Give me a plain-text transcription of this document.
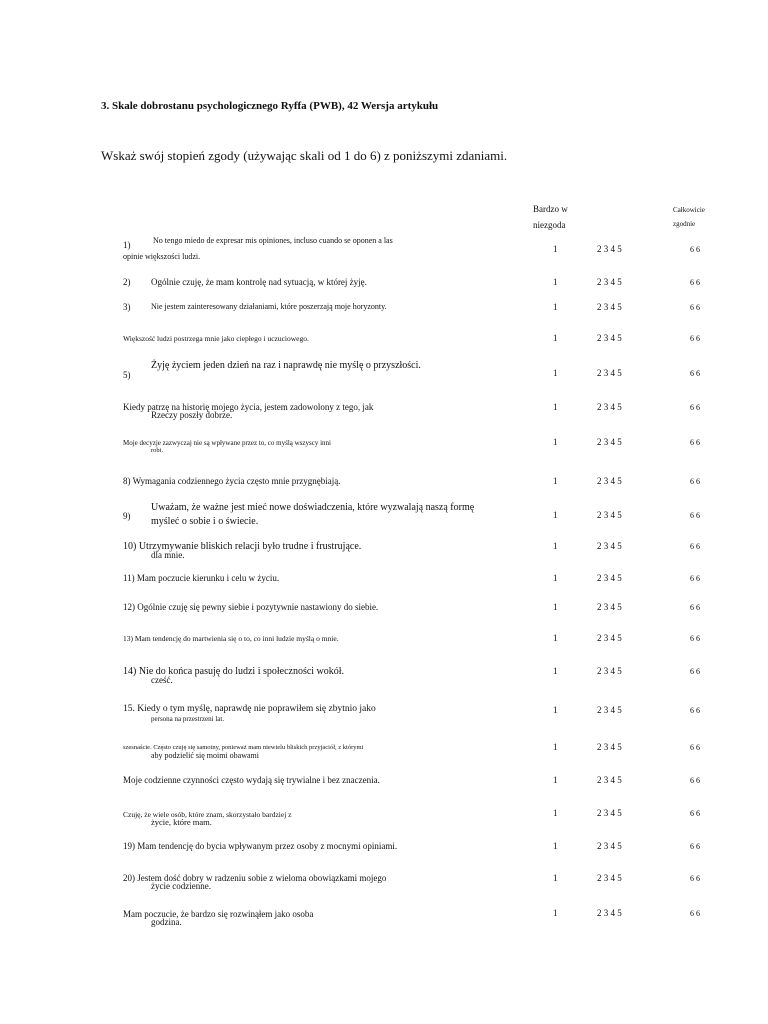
3. Skale dobrostanu psychologicznego Ryffa (PWB), 42 Wersja artykułu
Wskaż swój stopień zgody (używając skali od 1 do 6) z poniższymi zdaniami.
Bardzo w
niezgoda
Całkowicie
zgodnie
1)	No tengo miedo de expresar mis opiniones, incluso cuando se oponen a las
opinie większości ludzi.
1	2 3 4 5	6 6
2) Ogólnie czuję, że mam kontrolę nad sytuacją, w której żyję.	1	2 3 4 5	6 6
3)	Nie jestem zainteresowany działaniami, które poszerzają moje horyzonty.	1	2 3 4 5	6 6
Większość ludzi postrzega mnie jako ciepłego i uczuciowego.	1	2 3 4 5	6 6
5)
Żyję życiem jeden dzień na raz i naprawdę nie myślę o przyszłości.
1	2 3 4 5	6 6
Kiedy patrzę na historię mojego życia, jestem zadowolony z tego, jak
Rzeczy poszły dobrze.
1	2 3 4 5	6 6
Moje decyzje zazwyczaj nie są wpływane przez to, co myślą wszyscy inni
robi.
1	2 3 4 5	6 6
8) Wymagania codziennego życia często mnie przygnębiają.	1	2 3 4 5	6 6
9)
Uważam, że ważne jest mieć nowe doświadczenia, które wyzwalają naszą formę
myśleć o sobie i o świecie.
1	2 3 4 5	6 6
10) Utrzymywanie bliskich relacji było trudne i frustrujące.
dla mnie.
1	2 3 4 5	6 6
11) Mam poczucie kierunku i celu w życiu.	1	2 3 4 5	6 6
12) Ogólnie czuję się pewny siebie i pozytywnie nastawiony do siebie.	1	2 3 4 5	6 6
13) Mam tendencję do martwienia się o to, co inni ludzie myślą o mnie.	1	2 3 4 5	6 6
14) Nie do końca pasuję do ludzi i społeczności wokół.
cześć.
1	2 3 4 5	6 6
15. Kiedy o tym myślę, naprawdę nie poprawiłem się zbytnio jako
persona na przestrzeni lat.
1	2 3 4 5	6 6
szesnaście. Często czuję się samotny, ponieważ mam niewielu bliskich przyjaciół, z którymi
aby podzielić się moimi obawami
1	2 3 4 5	6 6
Moje codzienne czynności często wydają się trywialne i bez znaczenia.	1	2 3 4 5	6 6
Czuję, że wiele osób, które znam, skorzystało bardziej z
życie, które mam.
1	2 3 4 5	6 6
19) Mam tendencję do bycia wpływanym przez osoby z mocnymi opiniami.	1	2 3 4 5	6 6
20) Jestem dość dobry w radzeniu sobie z wieloma obowiązkami mojego
życie codzienne.
1	2 3 4 5	6 6
Mam poczucie, że bardzo się rozwinąłem jako osoba
godzina.
1	2 3 4 5	6 6
